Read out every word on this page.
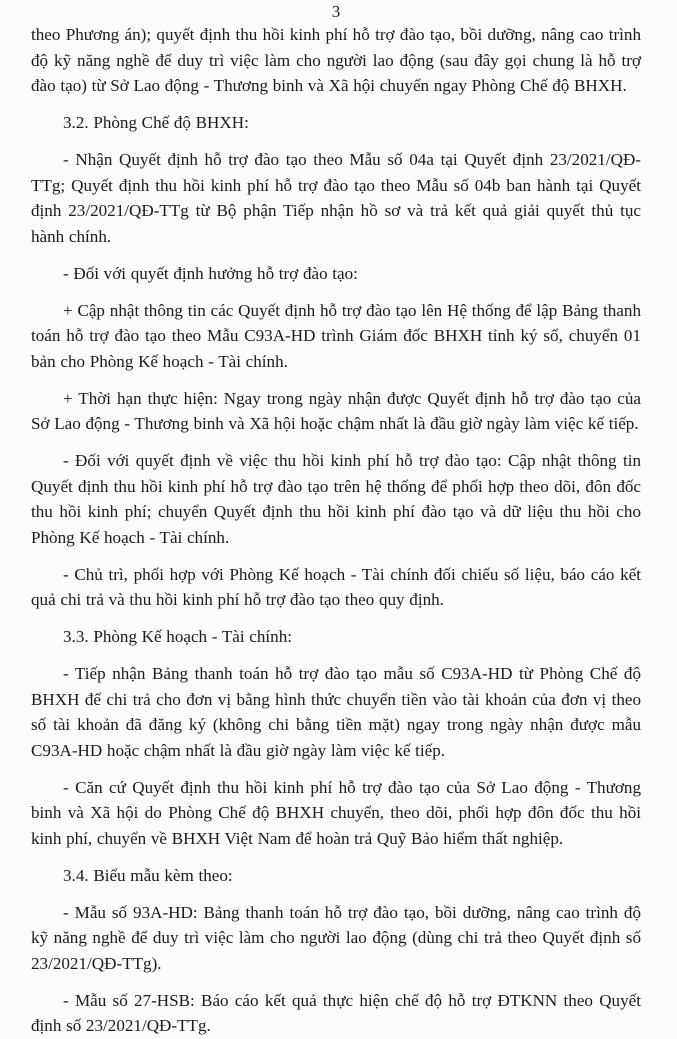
3

theo Phương án); quyết định thu hồi kinh phí hỗ trợ đào tạo, bồi dưỡng, nâng cao trình độ kỹ năng nghề để duy trì việc làm cho người lao động (sau đây gọi chung là hỗ trợ đào tạo) từ Sở Lao động - Thương binh và Xã hội chuyển ngay Phòng Chế độ BHXH.

3.2. Phòng Chế độ BHXH:

- Nhận Quyết định hỗ trợ đào tạo theo Mẫu số 04a tại Quyết định 23/2021/QĐ-TTg; Quyết định thu hồi kinh phí hỗ trợ đào tạo theo Mẫu số 04b ban hành tại Quyết định 23/2021/QĐ-TTg từ Bộ phận Tiếp nhận hồ sơ và trả kết quả giải quyết thủ tục hành chính.

- Đối với quyết định hưởng hỗ trợ đào tạo:

+ Cập nhật thông tin các Quyết định hỗ trợ đào tạo lên Hệ thống để lập Bảng thanh toán hỗ trợ đào tạo theo Mẫu C93A-HD trình Giám đốc BHXH tỉnh ký số, chuyển 01 bản cho Phòng Kế hoạch - Tài chính.

+ Thời hạn thực hiện: Ngay trong ngày nhận được Quyết định hỗ trợ đào tạo của Sở Lao động - Thương binh và Xã hội hoặc chậm nhất là đầu giờ ngày làm việc kế tiếp.

- Đối với quyết định về việc thu hồi kinh phí hỗ trợ đào tạo: Cập nhật thông tin Quyết định thu hồi kinh phí hỗ trợ đào tạo trên hệ thống để phối hợp theo dõi, đôn đốc thu hồi kinh phí; chuyển Quyết định thu hồi kinh phí đào tạo và dữ liệu thu hồi cho Phòng Kế hoạch - Tài chính.

- Chủ trì, phối hợp với Phòng Kế hoạch - Tài chính đối chiếu số liệu, báo cáo kết quả chi trả và thu hồi kinh phí hỗ trợ đào tạo theo quy định.

3.3. Phòng Kế hoạch - Tài chính:

- Tiếp nhận Bảng thanh toán hỗ trợ đào tạo mẫu số C93A-HD từ Phòng Chế độ BHXH để chi trả cho đơn vị bằng hình thức chuyển tiền vào tài khoản của đơn vị theo số tài khoản đã đăng ký (không chi bằng tiền mặt) ngay trong ngày nhận được mẫu C93A-HD hoặc chậm nhất là đầu giờ ngày làm việc kế tiếp.

- Căn cứ Quyết định thu hồi kinh phí hỗ trợ đào tạo của Sở Lao động - Thương binh và Xã hội do Phòng Chế độ BHXH chuyển, theo dõi, phối hợp đôn đốc thu hồi kinh phí, chuyển về BHXH Việt Nam để hoàn trả Quỹ Bảo hiểm thất nghiệp.

3.4. Biểu mẫu kèm theo:

- Mẫu số 93A-HD: Bảng thanh toán hỗ trợ đào tạo, bồi dưỡng, nâng cao trình độ kỹ năng nghề để duy trì việc làm cho người lao động (dùng chi trả theo Quyết định số 23/2021/QĐ-TTg).

- Mẫu số 27-HSB: Báo cáo kết quả thực hiện chế độ hỗ trợ ĐTKNN theo Quyết định số 23/2021/QĐ-TTg.
